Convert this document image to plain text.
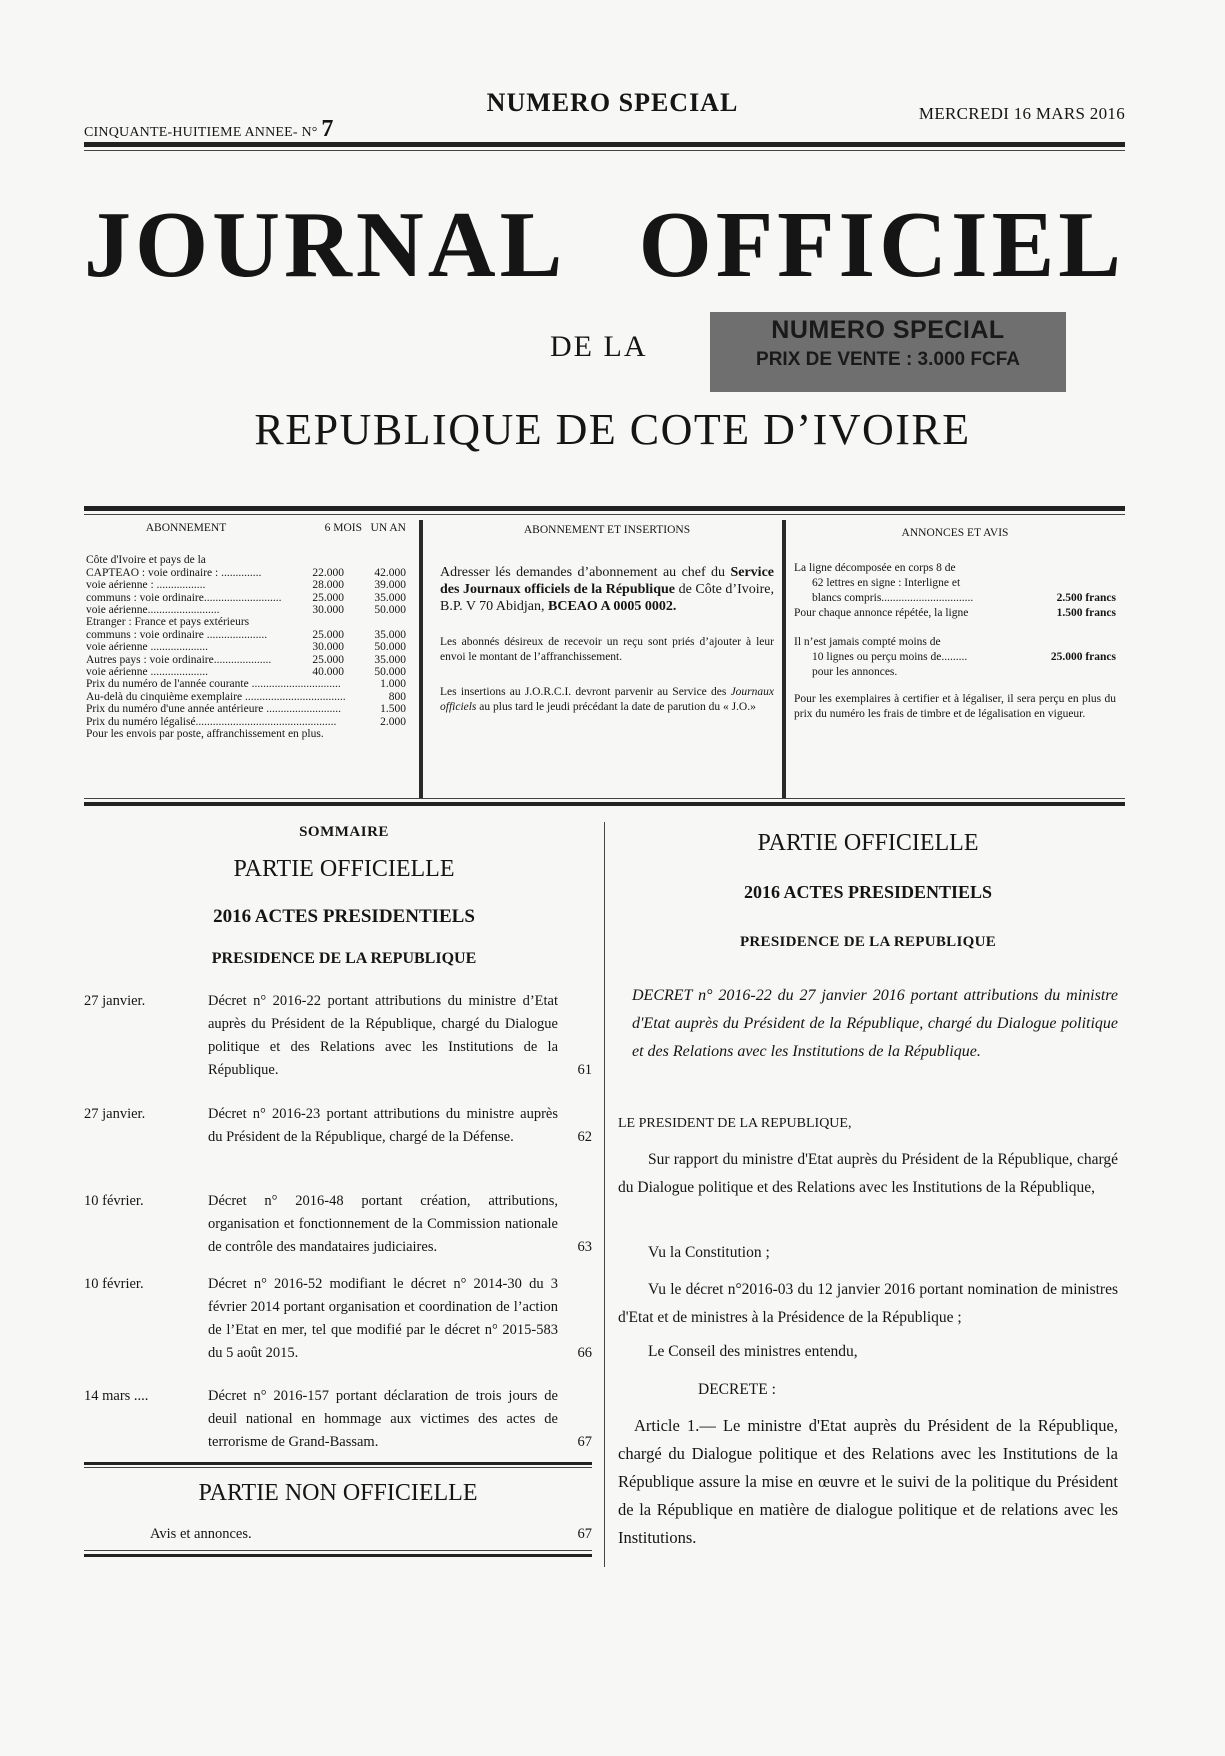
CINQUANTE-HUITIEME ANNEE- N° 7
NUMERO SPECIAL	MERCREDI 16 MARS 2016
JOURNAL OFFICIEL
DE LA	NUMERO SPECIAL
PRIX DE VENTE : 3.000 FCFA
REPUBLIQUE DE COTE D’IVOIRE
ABONNEMENT	6 MOIS UN AN
Côte d'Ivoire et pays de la
CAPTEAO : voie ordinaire : ..............	22.000	42.000
voie aérienne : .................	28.000	39.000
communs : voie ordinaire...........................	25.000	35.000
voie aérienne.........................	30.000	50.000
Etranger : France et pays extérieurs
communs : voie ordinaire .....................	25.000	35.000
voie aérienne ....................	30.000	50.000
Autres pays : voie ordinaire....................	25.000	35.000
voie aérienne ....................	40.000	50.000
Prix du numéro de l'année courante ...............................	1.000
Au-delà du cinquième exemplaire ...................................	800
Prix du numéro d'une année antérieure ..........................	1.500
Prix du numéro légalisé.................................................	2.000
Pour les envois par poste, affranchissement en plus.
ABONNEMENT ET INSERTIONS
Adresser lés demandes d’abonnement au chef du Service des Journaux officiels de la République de Côte d’Ivoire, B.P. V 70 Abidjan, BCEAO A 0005 0002.
Les abonnés désireux de recevoir un reçu sont priés d’ajouter à leur envoi le montant de l’affranchissement.
Les insertions au J.O.R.C.I. devront parvenir au Service des Journaux officiels au plus tard le jeudi précédant la date de parution du « J.O.»
ANNONCES ET AVIS
La ligne décomposée en corps 8 de
62 lettres en signe : Interligne et
blancs compris................................	2.500 francs
Pour chaque annonce répétée, la ligne	1.500 francs
Il n’est jamais compté moins de
10 lignes ou perçu moins de.........	25.000 francs
pour les annonces.
Pour les exemplaires à certifier et à légaliser, il sera perçu en plus du prix du numéro les frais de timbre et de légalisation en vigueur.
SOMMAIRE
PARTIE OFFICIELLE
2016 ACTES PRESIDENTIELS
PRESIDENCE DE LA REPUBLIQUE
27 janvier.	Décret n° 2016-22 portant attributions du ministre d’Etat auprès du Président de la République, chargé du Dialogue politique et des Relations avec les Institutions de la République.	61
27 janvier.	Décret n° 2016-23 portant attributions du ministre auprès du Président de la République, chargé de la Défense.	62
10 février.	Décret n° 2016-48 portant création, attributions, organisation et fonctionnement de la Commission nationale de contrôle des mandataires judiciaires.	63
10 février.	Décret n° 2016-52 modifiant le décret n° 2014-30 du 3 février 2014 portant organisation et coordination de l’action de l’Etat en mer, tel que modifié par le décret n° 2015-583 du 5 août 2015.	66
14 mars ....	Décret n° 2016-157 portant déclaration de trois jours de deuil national en hommage aux victimes des actes de terrorisme de Grand-Bassam.	67
PARTIE NON OFFICIELLE
Avis et annonces.	67
PARTIE OFFICIELLE
2016 ACTES PRESIDENTIELS
PRESIDENCE DE LA REPUBLIQUE
DECRET n° 2016-22 du 27 janvier 2016 portant attributions du ministre d'Etat auprès du Président de la République, chargé du Dialogue politique et des Relations avec les Institutions de la République.
LE PRESIDENT DE LA REPUBLIQUE,
Sur rapport du ministre d'Etat auprès du Président de la République, chargé du Dialogue politique et des Relations avec les Institutions de la République,
Vu la Constitution ;
Vu le décret n°2016-03 du 12 janvier 2016 portant nomination de ministres d'Etat et de ministres à la Présidence de la République ;
Le Conseil des ministres entendu,
DECRETE :
Article 1.— Le ministre d'Etat auprès du Président de la République, chargé du Dialogue politique et des Relations avec les Institutions de la République assure la mise en œuvre et le suivi de la politique du Président de la République en matière de dialogue politique et de relations avec les Institutions.
